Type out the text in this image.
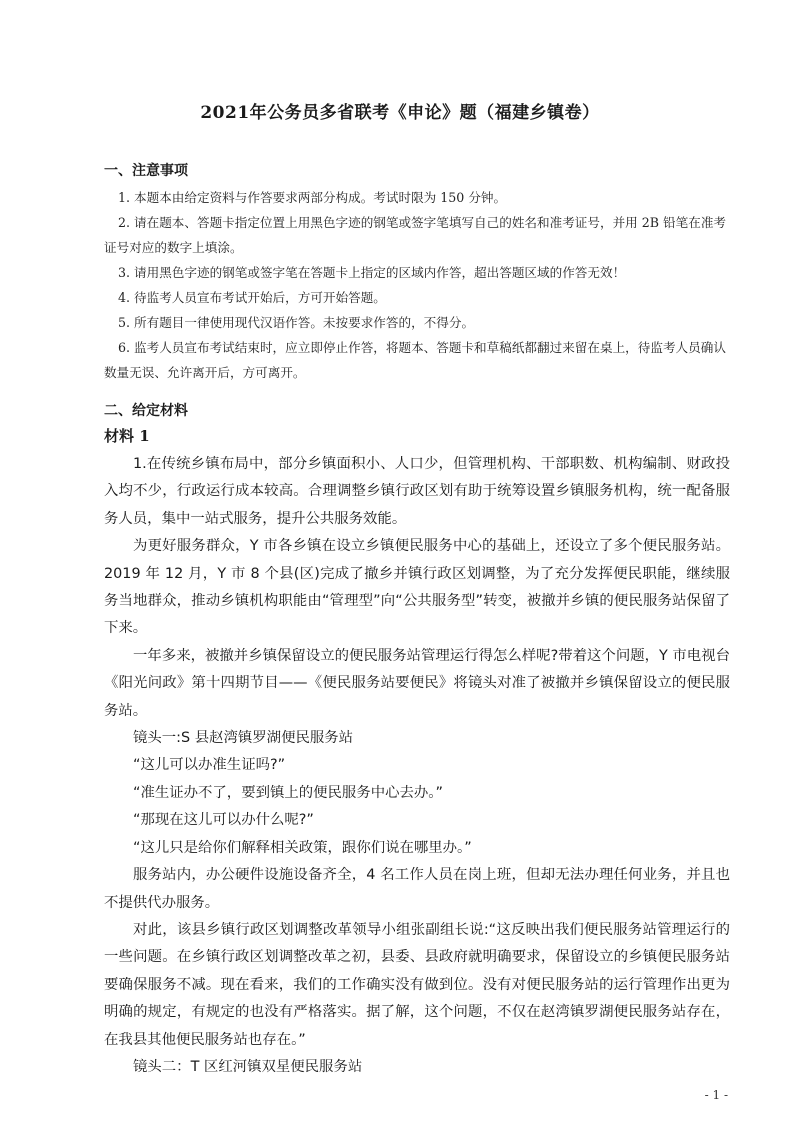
2021年公务员多省联考《申论》题（福建乡镇卷）
一、注意事项

1. 本题本由给定资料与作答要求两部分构成。考试时限为 150 分钟。

2. 请在题本、答题卡指定位置上用黑色字迹的钢笔或签字笔填写自己的姓名和准考证号，并用 2B 铅笔在准考证号对应的数字上填涂。

3. 请用黑色字迹的钢笔或签字笔在答题卡上指定的区域内作答，超出答题区域的作答无效！

4. 待监考人员宣布考试开始后，方可开始答题。

5. 所有题目一律使用现代汉语作答。未按要求作答的，不得分。

6. 监考人员宣布考试结束时，应立即停止作答，将题本、答题卡和草稿纸都翻过来留在桌上，待监考人员确认数量无误、允许离开后，方可离开。

二、给定材料
材料 1

1.在传统乡镇布局中，部分乡镇面积小、人口少，但管理机构、干部职数、机构编制、财政投入均不少，行政运行成本较高。合理调整乡镇行政区划有助于统筹设置乡镇服务机构，统一配备服务人员，集中一站式服务，提升公共服务效能。

为更好服务群众，Y 市各乡镇在设立乡镇便民服务中心的基础上，还设立了多个便民服务站。2019 年 12 月，Y 市 8 个县(区)完成了撤乡并镇行政区划调整，为了充分发挥便民职能，继续服务当地群众，推动乡镇机构职能由“管理型”向“公共服务型”转变，被撤并乡镇的便民服务站保留了下来。

一年多来，被撤并乡镇保留设立的便民服务站管理运行得怎么样呢?带着这个问题，Y 市电视台《阳光问政》第十四期节目——《便民服务站要便民》将镜头对准了被撤并乡镇保留设立的便民服务站。

镜头一:S 县赵湾镇罗湖便民服务站

“这儿可以办准生证吗?”

“准生证办不了，要到镇上的便民服务中心去办。”

“那现在这儿可以办什么呢?”

“这儿只是给你们解释相关政策，跟你们说在哪里办。”

服务站内，办公硬件设施设备齐全，4 名工作人员在岗上班，但却无法办理任何业务，并且也不提供代办服务。

对此，该县乡镇行政区划调整改革领导小组张副组长说:“这反映出我们便民服务站管理运行的一些问题。在乡镇行政区划调整改革之初，县委、县政府就明确要求，保留设立的乡镇便民服务站要确保服务不减。现在看来，我们的工作确实没有做到位。没有对便民服务站的运行管理作出更为明确的规定，有规定的也没有严格落实。据了解，这个问题，不仅在赵湾镇罗湖便民服务站存在，在我县其他便民服务站也存在。”

镜头二：T 区红河镇双星便民服务站

- 1 -
